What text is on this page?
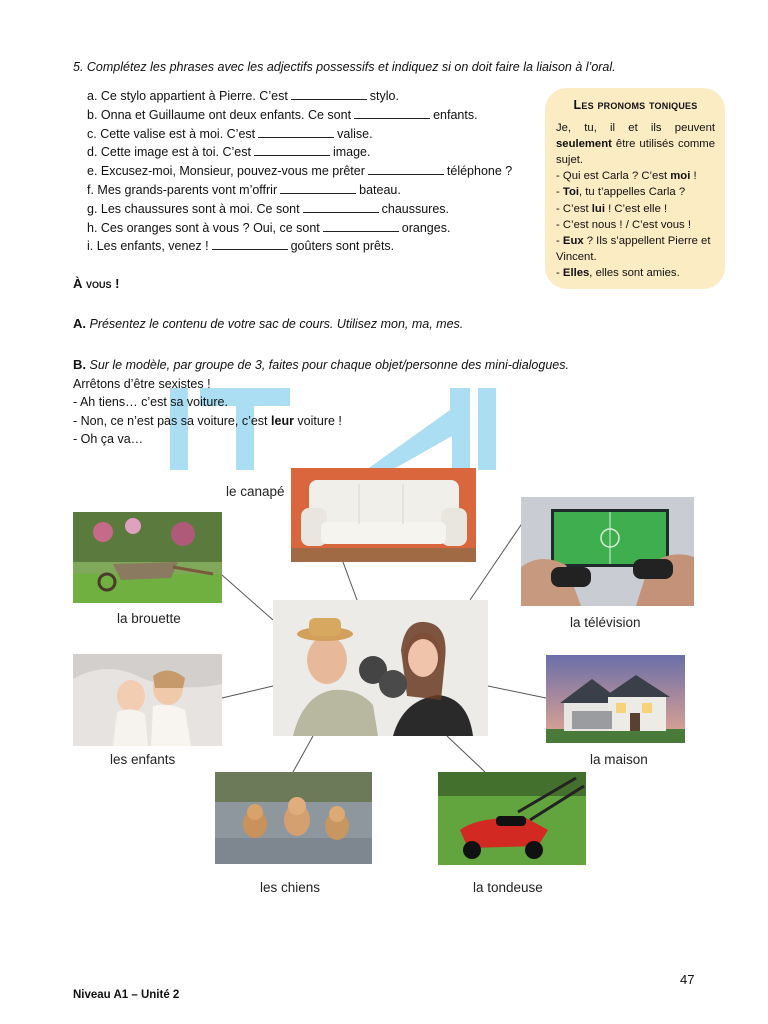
5. Complétez les phrases avec les adjectifs possessifs et indiquez si on doit faire la liaison à l’oral.
a. Ce stylo appartient à Pierre. C’est	stylo.
b. Onna et Guillaume ont deux enfants. Ce sont	enfants.
c. Cette valise est à moi. C’est	valise.
d. Cette image est à toi. C’est	image.
e. Excusez-moi, Monsieur, pouvez-vous me prêter	téléphone ?
f. Mes grands-parents vont m’offrir	bateau.
g. Les chaussures sont à moi. Ce sont	chaussures.
h. Ces oranges sont à vous ? Oui, ce sont	oranges.
i. Les enfants, venez !	goûters sont prêts.
Les pronoms toniques
Je, tu, il et ils peuvent seulement être utilisés comme sujet.
- Qui est Carla ? C’est moi !
- Toi, tu t’appelles Carla ?
- C’est lui ! C’est elle !
- C’est nous ! / C’est vous !
- Eux ? Ils s’appellent Pierre et Vincent.
- Elles, elles sont amies.
À vous !
A. Présentez le contenu de votre sac de cours. Utilisez mon, ma, mes.
B. Sur le modèle, par groupe de 3, faites pour chaque objet/personne des mini-dialogues.
Arrêtons d’être sexistes !
- Ah tiens… c’est sa voiture.
- Non, ce n’est pas sa voiture, c’est leur voiture !
- Oh ça va…
le canapé
la brouette	la télévision
les enfants	la maison
les chiens	la tondeuse
47
Niveau A1 – Unité 2
